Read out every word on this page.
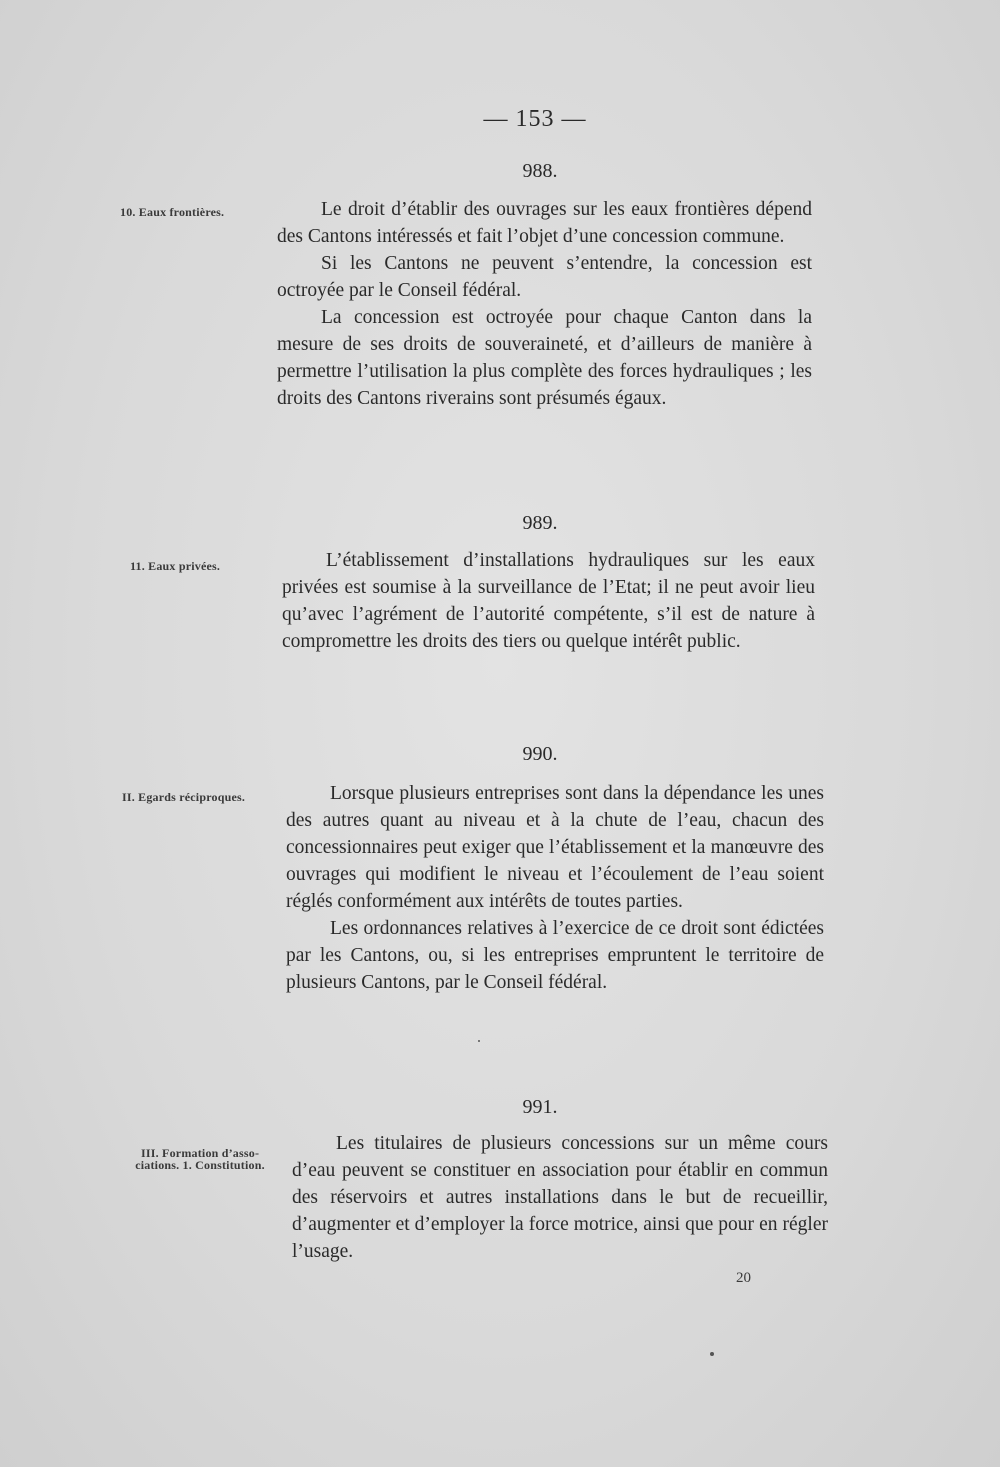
— 153 —
988.
10. Eaux frontières.	Le droit d’établir des ouvrages sur les eaux frontières dépend des Cantons intéressés et fait l’objet d’une concession commune.

Si les Cantons ne peuvent s’entendre, la concession est octroyée par le Conseil fédéral.

La concession est octroyée pour chaque Canton dans la mesure de ses droits de souveraineté, et d’ailleurs de manière à permettre l’utilisation la plus complète des forces hydrauliques ; les droits des Cantons riverains sont présumés égaux.

989.
11. Eaux privées.	L’établissement d’installations hydrauliques sur les eaux privées est soumise à la surveillance de l’Etat; il ne peut avoir lieu qu’avec l’agrément de l’autorité compétente, s’il est de nature à compromettre les droits des tiers ou quelque intérêt public.

990.
II. Egards réciproques.	Lorsque plusieurs entreprises sont dans la dépendance les unes des autres quant au niveau et à la chute de l’eau, chacun des concessionnaires peut exiger que l’établissement et la manœuvre des ouvrages qui modifient le niveau et l’écoulement de l’eau soient réglés conformément aux intérêts de toutes parties.

Les ordonnances relatives à l’exercice de ce droit sont édictées par les Cantons, ou, si les entreprises empruntent le territoire de plusieurs Cantons, par le Conseil fédéral.

991.
III. Formation d’associations. 1. Constitution.

Les titulaires de plusieurs concessions sur un même cours d’eau peuvent se constituer en association pour établir en commun des réservoirs et autres installations dans le but de recueillir, d’augmenter et d’employer la force motrice, ainsi que pour en régler l’usage.

20
